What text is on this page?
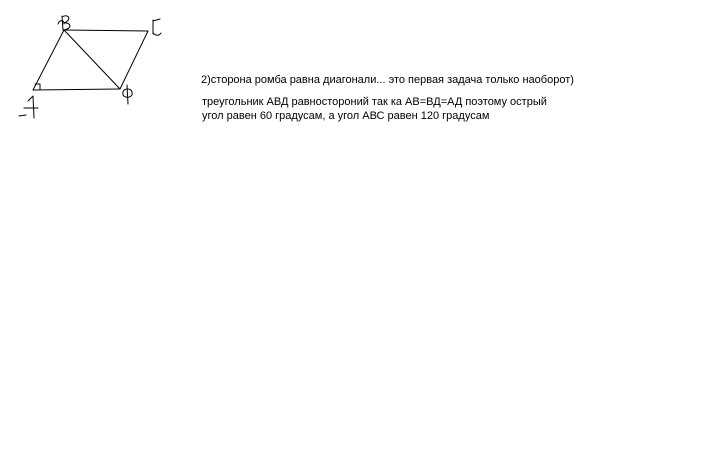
2)сторона ромба равна диагонали... это первая задача только наоборот)
треугольник АВД равностороний так ка АВ=ВД=АД поэтому острый
угол равен 60 градусам, а угол АВС равен 120 градусам
